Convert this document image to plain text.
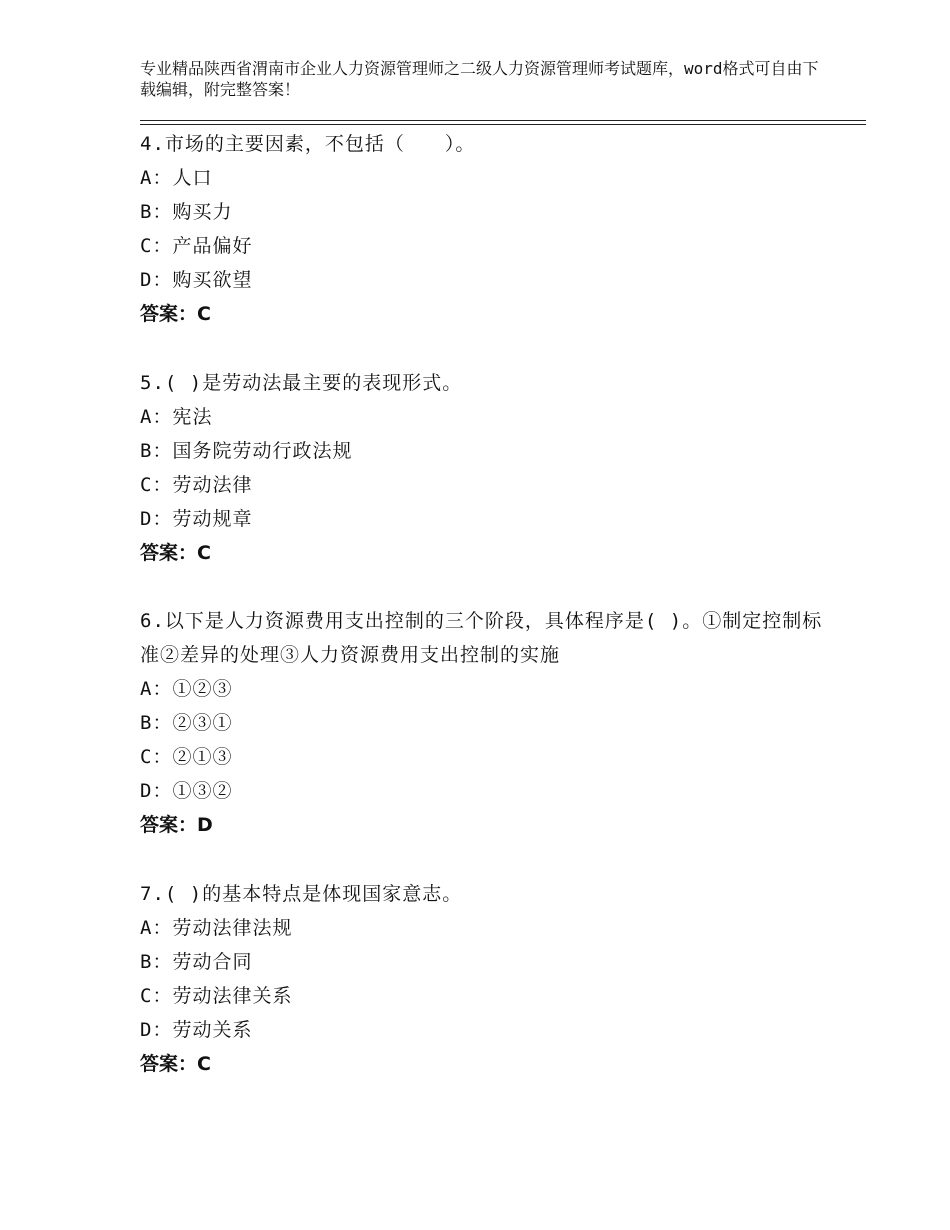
专业精品陕西省渭南市企业人力资源管理师之二级人力资源管理师考试题库，word格式可自由下载编辑，附完整答案！
4.市场的主要因素，不包括（　　）。
A：人口
B：购买力
C：产品偏好
D：购买欲望
答案：C
5.( )是劳动法最主要的表现形式。
A：宪法
B：国务院劳动行政法规
C：劳动法律
D：劳动规章
答案：C
6.以下是人力资源费用支出控制的三个阶段，具体程序是( )。①制定控制标准②差异的处理③人力资源费用支出控制的实施
A：①②③
B：②③①
C：②①③
D：①③②
答案：D
7.( )的基本特点是体现国家意志。
A：劳动法律法规
B：劳动合同
C：劳动法律关系
D：劳动关系
答案：C
